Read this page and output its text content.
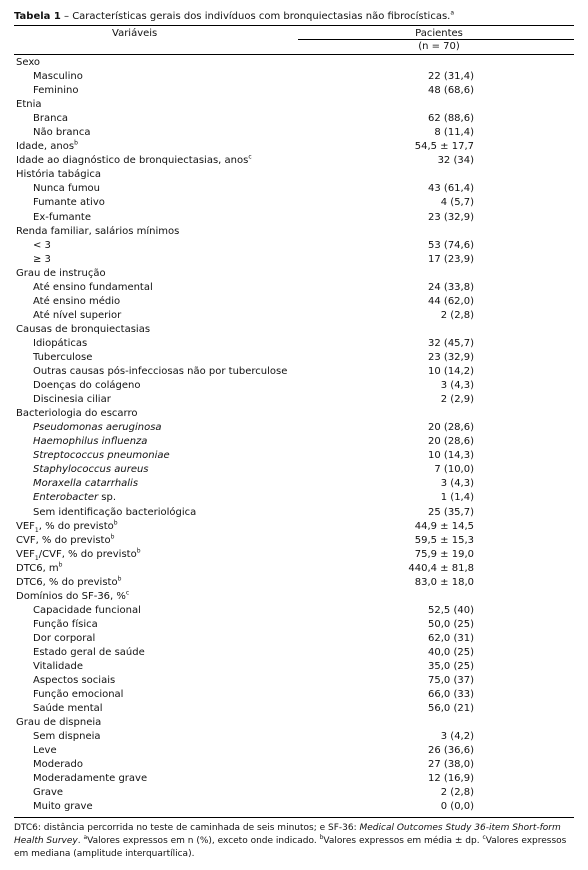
Tabela 1 – Características gerais dos indivíduos com bronquiectasias não fibrocísticas.$^a$
Variáveis	Pacientes
(n = 70)
Sexo
Masculino	22 (31,4)
Feminino	48 (68,6)
Etnia
Branca	62 (88,6)
Não branca	8 (11,4)
Idade, anos$^b$	54,5 ± 17,7
Idade ao diagnóstico de bronquiectasias, anos$^c$	32 (34)
História tabágica
Nunca fumou	43 (61,4)
Fumante ativo	4 (5,7)
Ex-fumante	23 (32,9)
Renda familiar, salários mínimos
< 3	53 (74,6)
≥ 3	17 (23,9)
Grau de instrução
Até ensino fundamental	24 (33,8)
Até ensino médio	44 (62,0)
Até nível superior	2 (2,8)
Causas de bronquiectasias
Idiopáticas	32 (45,7)
Tuberculose	23 (32,9)
Outras causas pós-infecciosas não por tuberculose	10 (14,2)
Doenças do colágeno	3 (4,3)
Discinesia ciliar	2 (2,9)
Bacteriologia do escarro
Pseudomonas aeruginosa	20 (28,6)
Haemophilus influenza	20 (28,6)
Streptococcus pneumoniae	10 (14,3)
Staphylococcus aureus	7 (10,0)
Moraxella catarrhalis	3 (4,3)
Enterobacter sp.	1 (1,4)
Sem identificação bacteriológica	25 (35,7)
$VEF_1$, % do previsto$^b$	44,9 ± 14,5
CVF, % do previsto$^b$	59,5 ± 15,3
$VEF_1$/CVF, % do previsto$^b$	75,9 ± 19,0
DTC6, $m^b$	440,4 ± 81,8
DTC6, % do previsto$^b$	83,0 ± 18,0
Domínios do SF-36, %$^c$
Capacidade funcional	52,5 (40)
Função física	50,0 (25)
Dor corporal	62,0 (31)
Estado geral de saúde	40,0 (25)
Vitalidade	35,0 (25)
Aspectos sociais	75,0 (37)
Função emocional	66,0 (33)
Saúde mental	56,0 (21)
Grau de dispneia
Sem dispneia	3 (4,2)
Leve	26 (36,6)
Moderado	27 (38,0)
Moderadamente grave	12 (16,9)
Grave	2 (2,8)
Muito grave	0 (0,0)
DTC6: distância percorrida no teste de caminhada de seis minutos; e SF-36: Medical Outcomes Study 36-item Short-form Health Survey. $^a$Valores expressos em n (%), exceto onde indicado. $^b$Valores expressos em média ± dp. $^c$Valores expressos em mediana (amplitude interquartílica).
